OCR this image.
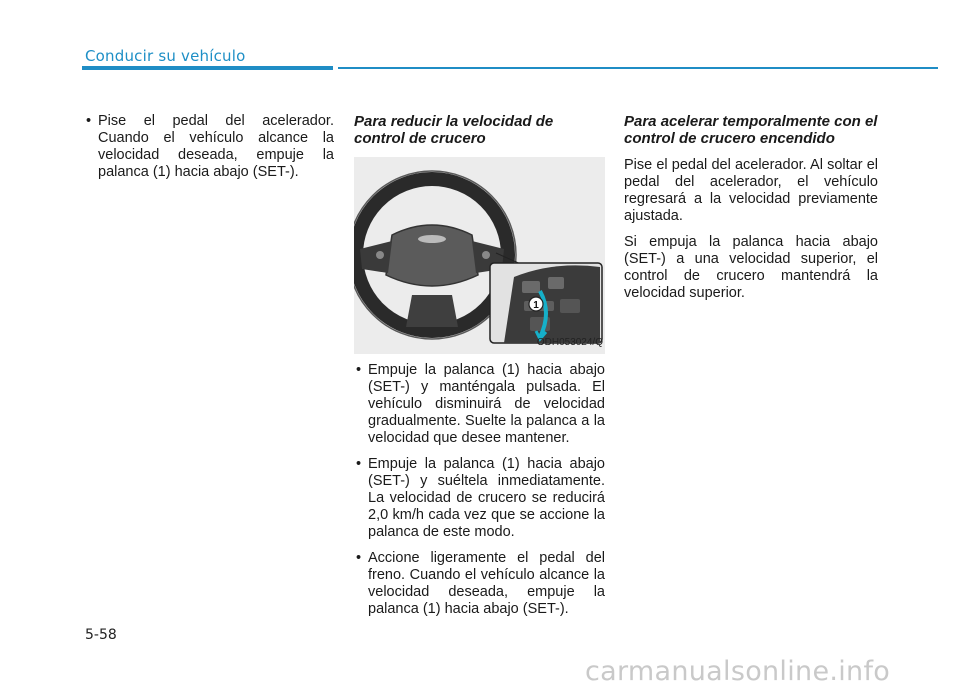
Conducir su vehículo
• Pise el pedal del acelerador. Cuando el vehículo alcance la velocidad deseada, empuje la palanca (1) hacia abajo (SET-).
Para reducir la velocidad de control de crucero
1
ODH053024/Q
• Empuje la palanca (1) hacia abajo (SET-) y manténgala pulsada. El vehículo disminuirá de velocidad gradualmente. Suelte la palanca a la velocidad que desee mantener.
• Empuje la palanca (1) hacia abajo (SET-) y suéltela inmediatamente. La velocidad de crucero se reducirá 2,0 km/h cada vez que se accione la palanca de este modo.
• Accione ligeramente el pedal del freno. Cuando el vehículo alcance la velocidad deseada, empuje la palanca (1) hacia abajo (SET-).
Para acelerar temporalmente con el control de crucero encendido

Pise el pedal del acelerador. Al soltar el pedal del acelerador, el vehículo regresará a la velocidad previamente ajustada.

Si empuja la palanca hacia abajo (SET-) a una velocidad superior, el control de crucero mantendrá la velocidad superior.

5-58
carmanualsonline.info
